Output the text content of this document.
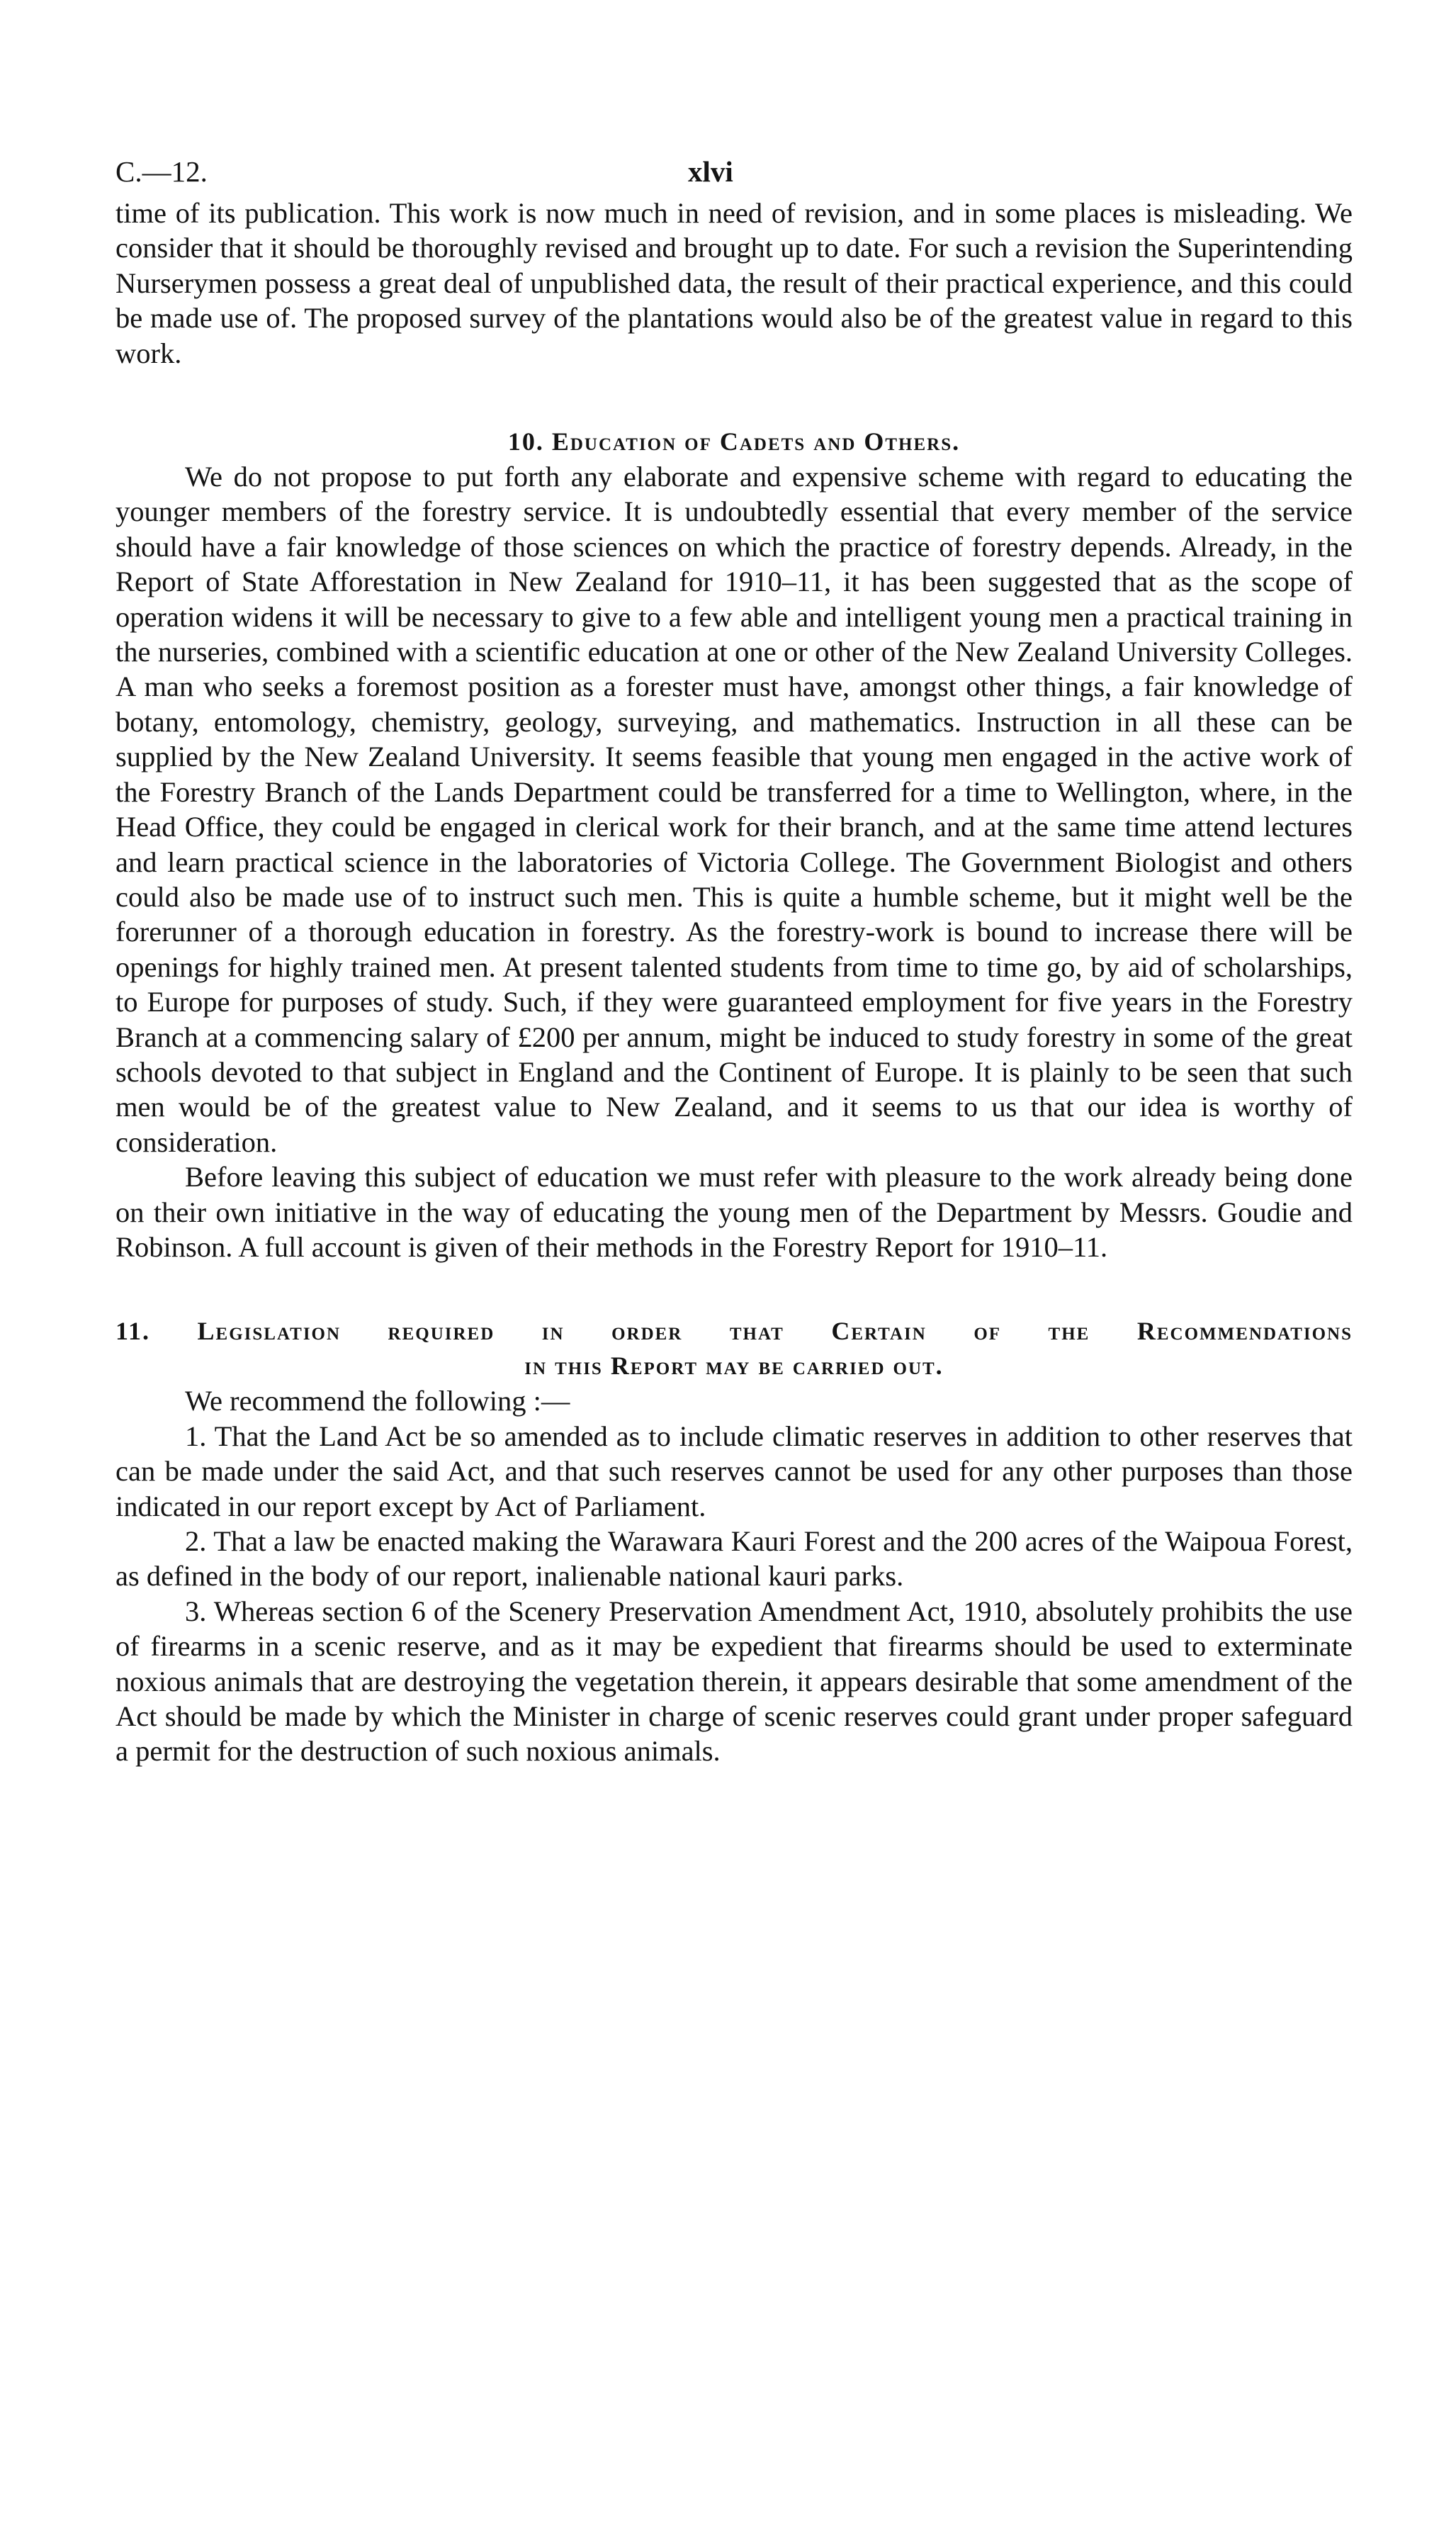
C.—12.	xlvi

time of its publication. This work is now much in need of revision, and in some places is misleading. We consider that it should be thoroughly revised and brought up to date. For such a revision the Superintending Nurserymen possess a great deal of unpublished data, the result of their practical experience, and this could be made use of. The proposed survey of the plantations would also be of the greatest value in regard to this work.

10. Education of Cadets and Others.

We do not propose to put forth any elaborate and expensive scheme with regard to educating the younger members of the forestry service. It is undoubtedly essential that every member of the service should have a fair knowledge of those sciences on which the practice of forestry depends. Already, in the Report of State Afforestation in New Zealand for 1910–11, it has been suggested that as the scope of operation widens it will be necessary to give to a few able and intelligent young men a practical training in the nurseries, combined with a scientific education at one or other of the New Zealand University Colleges. A man who seeks a foremost position as a forester must have, amongst other things, a fair knowledge of botany, entomology, chemistry, geology, surveying, and mathematics. Instruction in all these can be supplied by the New Zealand University. It seems feasible that young men engaged in the active work of the Forestry Branch of the Lands Department could be transferred for a time to Wellington, where, in the Head Office, they could be engaged in clerical work for their branch, and at the same time attend lectures and learn practical science in the laboratories of Victoria College. The Government Biologist and others could also be made use of to instruct such men. This is quite a humble scheme, but it might well be the forerunner of a thorough education in forestry. As the forestry-work is bound to increase there will be openings for highly trained men. At present talented students from time to time go, by aid of scholarships, to Europe for purposes of study. Such, if they were guaranteed employment for five years in the Forestry Branch at a commencing salary of £200 per annum, might be induced to study forestry in some of the great schools devoted to that subject in England and the Continent of Europe. It is plainly to be seen that such men would be of the greatest value to New Zealand, and it seems to us that our idea is worthy of consideration.

Before leaving this subject of education we must refer with pleasure to the work already being done on their own initiative in the way of educating the young men of the Department by Messrs. Goudie and Robinson. A full account is given of their methods in the Forestry Report for 1910–11.

11. Legislation required in order that Certain of the Recommendations
in this Report may be carried out.

We recommend the following :—

1. That the Land Act be so amended as to include climatic reserves in addition to other reserves that can be made under the said Act, and that such reserves cannot be used for any other purposes than those indicated in our report except by Act of Parliament.

2. That a law be enacted making the Warawara Kauri Forest and the 200 acres of the Waipoua Forest, as defined in the body of our report, inalienable national kauri parks.

3. Whereas section 6 of the Scenery Preservation Amendment Act, 1910, absolutely prohibits the use of firearms in a scenic reserve, and as it may be expedient that firearms should be used to exterminate noxious animals that are destroying the vegetation therein, it appears desirable that some amendment of the Act should be made by which the Minister in charge of scenic reserves could grant under proper safeguard a permit for the destruction of such noxious animals.
